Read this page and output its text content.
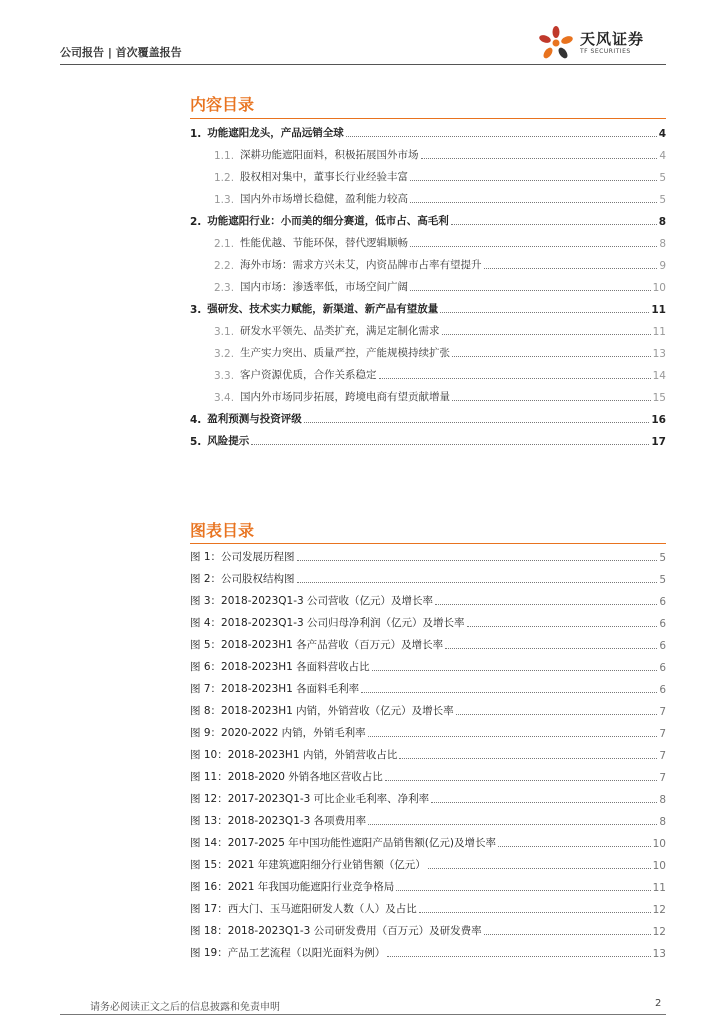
公司报告 | 首次覆盖报告
天风证券
TF SECURITIES
内容目录
1. 功能遮阳龙头，产品远销全球	4
1.1. 深耕功能遮阳面料，积极拓展国外市场	4
1.2. 股权相对集中，董事长行业经验丰富	5
1.3. 国内外市场增长稳健，盈利能力较高	5
2. 功能遮阳行业：小而美的细分赛道，低市占、高毛利	8
2.1. 性能优越、节能环保，替代逻辑顺畅	8
2.2. 海外市场：需求方兴未艾，内资品牌市占率有望提升	9
2.3. 国内市场：渗透率低，市场空间广阔	10
3. 强研发、技术实力赋能，新渠道、新产品有望放量	11
3.1. 研发水平领先、品类扩充，满足定制化需求	11
3.2. 生产实力突出、质量严控，产能规模持续扩张	13
3.3. 客户资源优质，合作关系稳定	14
3.4. 国内外市场同步拓展，跨境电商有望贡献增量	15
4. 盈利预测与投资评级	16
5. 风险提示	17
图表目录
图 1：公司发展历程图	5
图 2：公司股权结构图	5
图 3：2018-2023Q1-3 公司营收（亿元）及增长率	6
图 4：2018-2023Q1-3 公司归母净利润（亿元）及增长率	6
图 5：2018-2023H1 各产品营收（百万元）及增长率	6
图 6：2018-2023H1 各面料营收占比	6
图 7：2018-2023H1 各面料毛利率	6
图 8：2018-2023H1 内销，外销营收（亿元）及增长率	7
图 9：2020-2022 内销，外销毛利率	7
图 10：2018-2023H1 内销，外销营收占比	7
图 11：2018-2020 外销各地区营收占比	7
图 12：2017-2023Q1-3 可比企业毛利率、净利率	8
图 13：2018-2023Q1-3 各项费用率	8
图 14：2017-2025 年中国功能性遮阳产品销售额(亿元)及增长率	10
图 15：2021 年建筑遮阳细分行业销售额（亿元）	10
图 16：2021 年我国功能遮阳行业竞争格局	11
图 17：西大门、玉马遮阳研发人数（人）及占比	12
图 18：2018-2023Q1-3 公司研发费用（百万元）及研发费率	12
图 19：产品工艺流程（以阳光面料为例）	13
请务必阅读正文之后的信息披露和免责申明	2
